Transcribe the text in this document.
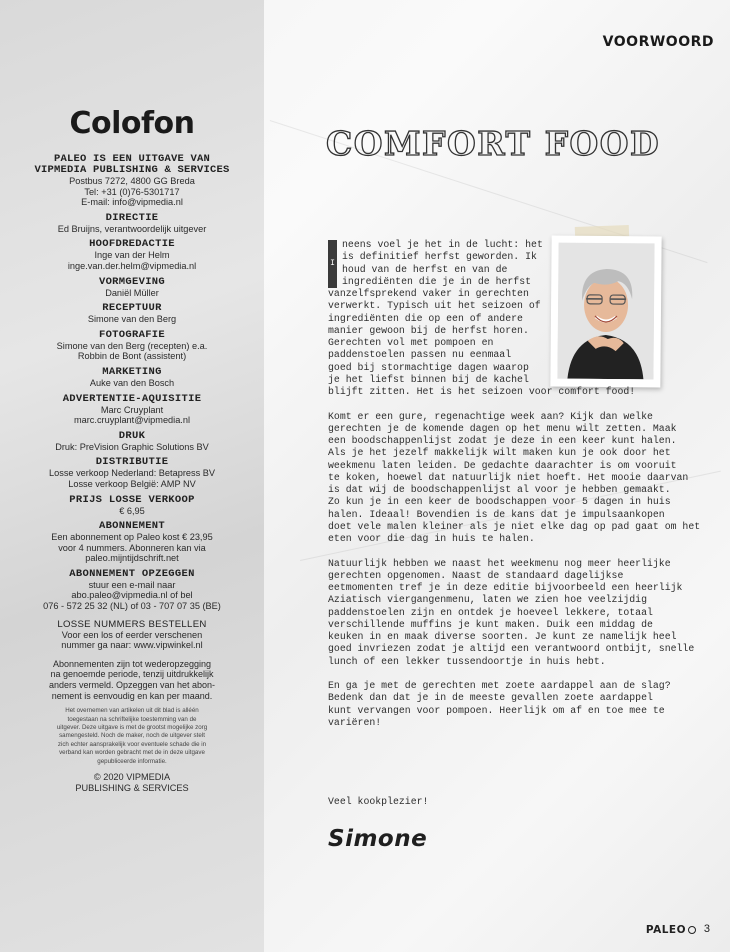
Colofon
PALEO IS EEN UITGAVE VAN
VIPMEDIA PUBLISHING & SERVICES
Postbus 7272, 4800 GG Breda
Tel: +31 (0)76-5301717
E-mail: info@vipmedia.nl
DIRECTIE
Ed Bruijns, verantwoordelijk uitgever
HOOFDREDACTIE
Inge van der Helm
inge.van.der.helm@vipmedia.nl
VORMGEVING
Daniël Müller
RECEPTUUR
Simone van den Berg
FOTOGRAFIE
Simone van den Berg (recepten) e.a.
Robbin de Bont (assistent)
MARKETING
Auke van den Bosch
ADVERTENTIE-AQUISITIE
Marc Cruyplant
marc.cruyplant@vipmedia.nl
DRUK
Druk: PreVision Graphic Solutions BV
DISTRIBUTIE
Losse verkoop Nederland: Betapress BV
Losse verkoop België: AMP NV
PRIJS LOSSE VERKOOP
€ 6,95
ABONNEMENT
Een abonnement op Paleo kost € 23,95
voor 4 nummers. Abonneren kan via
paleo.mijntijdschrift.net
ABONNEMENT OPZEGGEN
stuur een e-mail naar
abo.paleo@vipmedia.nl of bel
076 - 572 25 32 (NL) of 03 - 707 07 35 (BE)
LOSSE NUMMERS BESTELLEN
Voor een los of eerder verschenen
nummer ga naar: www.vipwinkel.nl
Abonnementen zijn tot wederopzegging
na genoemde periode, tenzij uitdrukkelijk
anders vermeld. Opzeggen van het abon-
nement is eenvoudig en kan per maand.
Het overnemen van artikelen uit dit blad is alléén
toegestaan na schriftelijke toestemming van de
uitgever. Deze uitgave is met de grootst mogelijke zorg
samengesteld. Noch de maker, noch de uitgever stelt
zich echter aansprakelijk voor eventuele schade die in
verband kan worden gebracht met de in deze uitgave
gepubliceerde informatie.
© 2020 VIPMEDIA
PUBLISHING & SERVICES
VOORWOORD
COMFORT FOOD
I
neens voel je het in de lucht: het
is definitief herfst geworden. Ik
houd van de herfst en van de
ingrediënten die je in de herfst
vanzelfsprekend vaker in gerechten
verwerkt. Typisch uit het seizoen of
ingrediënten die op een of andere
manier gewoon bij de herfst horen.
Gerechten vol met pompoen en
paddenstoelen passen nu eenmaal
goed bij stormachtige dagen waarop
je het liefst binnen bij de kachel
blijft zitten. Het is het seizoen voor comfort food!
Komt er een gure, regenachtige week aan? Kijk dan welke
gerechten je de komende dagen op het menu wilt zetten. Maak
een boodschappenlijst zodat je deze in een keer kunt halen.
Als je het jezelf makkelijk wilt maken kun je ook door het
weekmenu laten leiden. De gedachte daarachter is om vooruit
te koken, hoewel dat natuurlijk niet hoeft. Het mooie daarvan
is dat wij de boodschappenlijst al voor je hebben gemaakt.
Zo kun je in een keer de boodschappen voor 5 dagen in huis
halen. Ideaal! Bovendien is de kans dat je impulsaankopen
doet vele malen kleiner als je niet elke dag op pad gaat om het
eten voor die dag in huis te halen.
Natuurlijk hebben we naast het weekmenu nog meer heerlijke
gerechten opgenomen. Naast de standaard dagelijkse
eetmomenten tref je in deze editie bijvoorbeeld een heerlijk
Aziatisch viergangenmenu, laten we zien hoe veelzijdig
paddenstoelen zijn en ontdek je hoeveel lekkere, totaal
verschillende muffins je kunt maken. Duik een middag de
keuken in en maak diverse soorten. Je kunt ze namelijk heel
goed invriezen zodat je altijd een verantwoord ontbijt, snelle
lunch of een lekker tussendoortje in huis hebt.
En ga je met de gerechten met zoete aardappel aan de slag?
Bedenk dan dat je in de meeste gevallen zoete aardappel
kunt vervangen voor pompoen. Heerlijk om af en toe mee te
variëren!
Veel kookplezier!
Simone
PALEO 3
